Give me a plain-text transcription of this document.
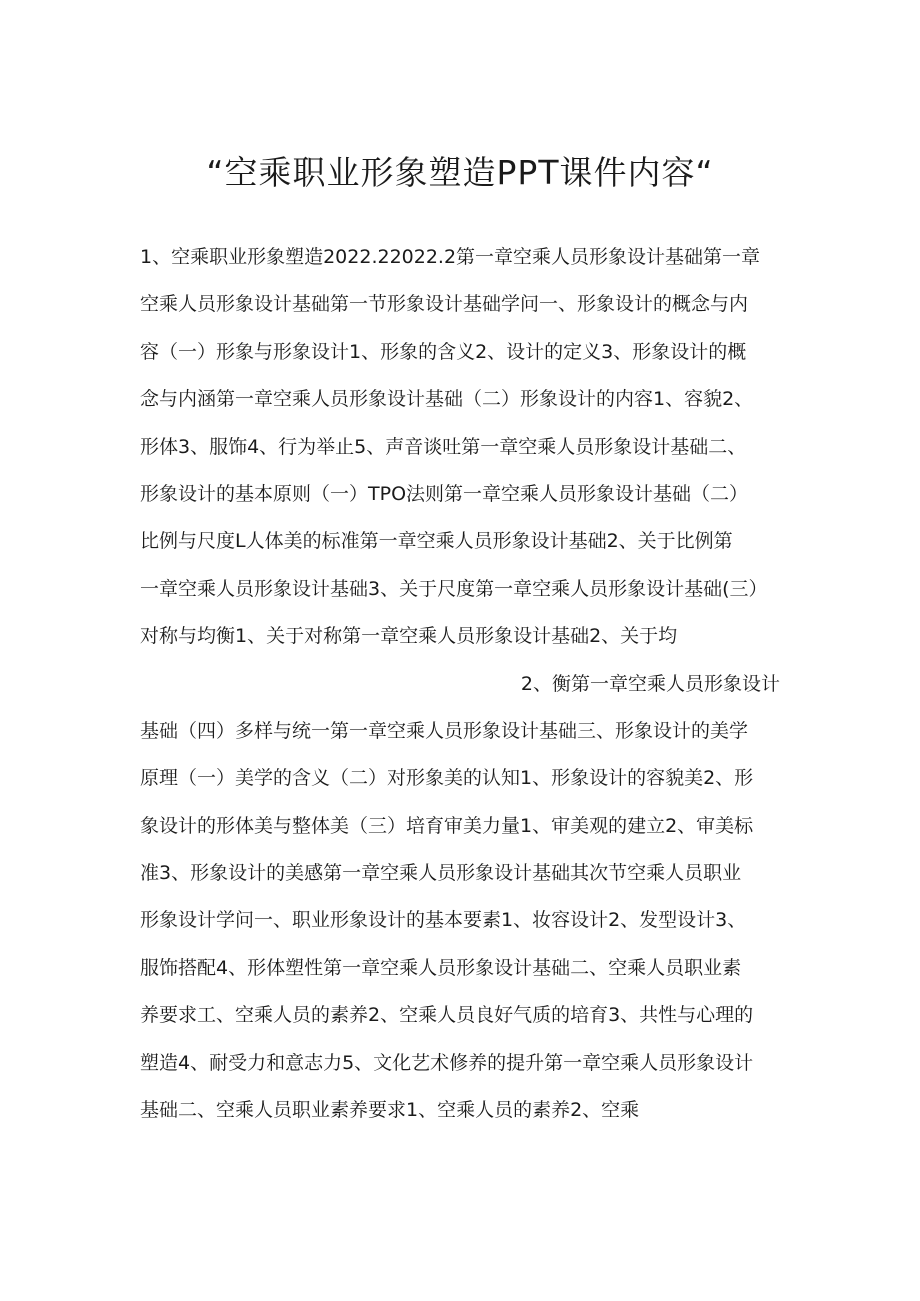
“空乘职业形象塑造PPT课件内容“
1、空乘职业形象塑造2022.22022.2第一章空乘人员形象设计基础第一章
空乘人员形象设计基础第一节形象设计基础学问一、形象设计的概念与内
容（一）形象与形象设计1、形象的含义2、设计的定义3、形象设计的概
念与内涵第一章空乘人员形象设计基础（二）形象设计的内容1、容貌2、
形体3、服饰4、行为举止5、声音谈吐第一章空乘人员形象设计基础二、
形象设计的基本原则（一）TPO法则第一章空乘人员形象设计基础（二）
比例与尺度L人体美的标准第一章空乘人员形象设计基础2、关于比例第
一章空乘人员形象设计基础3、关于尺度第一章空乘人员形象设计基础(三）
对称与均衡1、关于对称第一章空乘人员形象设计基础2、关于均
2、衡第一章空乘人员形象设计
基础（四）多样与统一第一章空乘人员形象设计基础三、形象设计的美学
原理（一）美学的含义（二）对形象美的认知1、形象设计的容貌美2、形
象设计的形体美与整体美（三）培育审美力量1、审美观的建立2、审美标
准3、形象设计的美感第一章空乘人员形象设计基础其次节空乘人员职业
形象设计学问一、职业形象设计的基本要素1、妆容设计2、发型设计3、
服饰搭配4、形体塑性第一章空乘人员形象设计基础二、空乘人员职业素
养要求工、空乘人员的素养2、空乘人员良好气质的培育3、共性与心理的
塑造4、耐受力和意志力5、文化艺术修养的提升第一章空乘人员形象设计
基础二、空乘人员职业素养要求1、空乘人员的素养2、空乘
